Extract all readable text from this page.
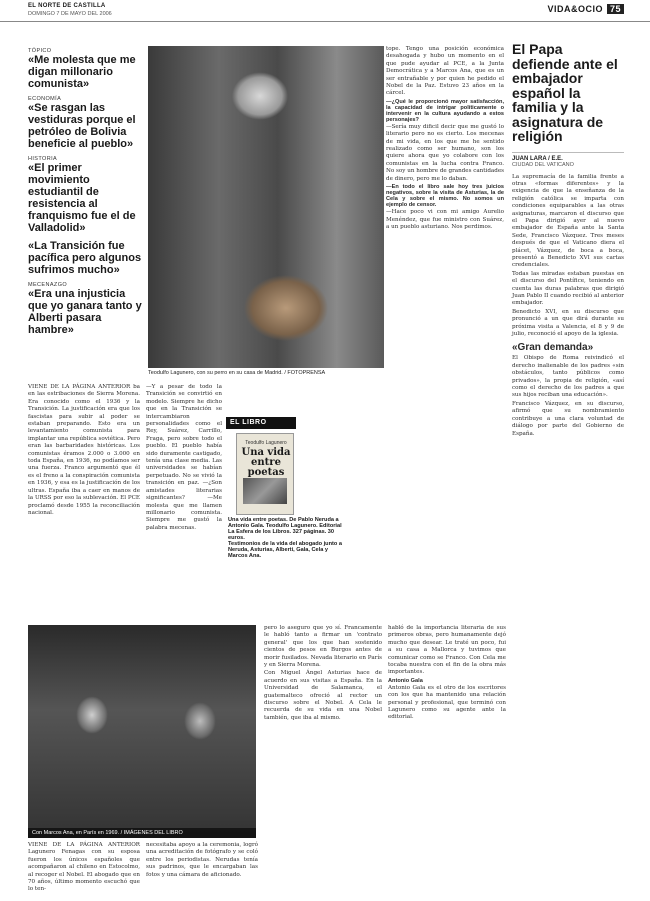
EL NORTE DE CASTILLA
DOMINGO 7 DE MAYO DEL 2006	VIDA&OCIO 75
TÓPICO
«Me molesta que me digan millonario comunista»
ECONOMÍA
«Se rasgan las vestiduras porque el petróleo de Bolivia beneficie al pueblo»
HISTORIA
«El primer movimiento estudiantil de resistencia al franquismo fue el de Valladolid»
«La Transición fue pacífica pero algunos sufrimos mucho»
MECENAZGO
«Era una injusticia que yo ganara tanto y Alberti pasara hambre»
Teodulfo Lagunero, con su perro en su casa de Madrid. / FOTOPRENSA

VIENE DE LA PÁGINA ANTERIOR ba en las estribaciones de Sierra Morena. Era conocido como el 1936 y la Transición. La justificación era que los fascistas para subir al poder se estaban preparando. Esto era un levantamiento comunista para implantar una república soviética. Pero eran las barbaridades históricas. Los comunistas éramos 2.000 o 3.000 en toda España, en 1936, no podíamos ser una fuerza. Franco argumentó que él es el freno a la conspiración comunista en 1936, y esa es la justificación de los ultras. España iba a caer en manos de la URSS por eso la sublevación. El PCE proclamó desde 1955 la reconciliación nacional.

—Y a pesar de todo la Transición se convirtió en modelo. Siempre he dicho que en la Transición se intercambiaron personalidades como el Rey, Suárez, Carrillo, Fraga, pero sobre todo el pueblo. El pueblo había sido duramente castigado, tenía una clase media. Las universidades se habían perpetuado. No se vivió la transición en paz. —¿Son amistades literarias significantes? —Me molesta que me llamen millonario comunista. Siempre me gustó la palabra mecenas.

EL LIBRO
Teodulfo Lagunero
Una vida entre poetas
Una vida entre poetas. De Pablo Neruda a Antonio Gala. Teodulfo Lagunero. Editorial La Esfera de los Libros. 327 páginas. 30 euros.
Testimonios de la vida del abogado junto a Neruda, Asturias, Alberti, Gala, Cela y Marcos Ana.

tope. Tengo una posición económica desahogada y hubo un momento en el que pude ayudar al PCE, a la Junta Democrática y a Marcos Ana, que es un ser entrañable y por quien he pedido el Nobel de la Paz. Estuvo 23 años en la cárcel.

—¿Qué le proporcionó mayor satisfacción, la capacidad de intrigar políticamente o intervenir en la cultura ayudando a estos personajes?

—Sería muy dificil decir que me gustó lo literario pero no es cierto. Los mecenas de mi vida, en los que me he sentido realizado como ser humano, son los quiere ahora que yo colabore con los comunistas en la lucha contra Franco. No soy un hombre de grandes cantidades de dinero, pero me lo daban.

—En todo el libro sale hoy tres juicios negativos, sobre la visita de Asturias, la de Cela y sobre el mismo. No somos un ejemplo de censor.

—Hace poco vi con mi amigo Aurelio Menéndez, que fue ministro con Suárez, a un pueblo asturiano. Nos perdimos.

Con Marcos Ana, en París en 1969. / IMÁGENES DEL LIBRO

VIENE DE LA PÁGINA ANTERIOR Lagunero Fenagas con su esposa fueron los únicos españoles que acompañaron al chileno en Estocolmo, al recoger el Nobel. El abogado que en 70 años, último momento escuchó que lo ten-

necesitaba apoyo a la ceremonia, logró una acreditación de fotógrafo y se coló entre los periodistas. Nerudas tenía sus padrinos, que le encargaban las fotos y una cámara de aficionado.

pero lo aseguro que yo sí. Francamente le habló tanto a firmar un 'contrato general' que los que han sostenido cientos de pesos en Burgos antes de morir fusilados. Nevada literario en París y en Sierra Morena.

Con Miguel Ángel Asturias hace de acuerdo en sus visitas a España. En la Universidad de Salamanca, el guatemalteco ofreció al rector un discurso sobre el Nobel. A Cela le recuerda de su vida en una Nobel también, que iba al mismo.

habló de la importancia literaria de sus primeros obras, pero humanamente dejó mucho que desear. Le traté un poco, fui a su casa a Mallorca y tuvimos que comunicar como se Franco. Con Cela me tocaba nuestra con el fin de la obra más importantes.

Antonio Gala

Antonio Gala es el otro de los escritores con los que ha mantenido una relación personal y profesional, que terminó con Lagunero como su agente ante la editorial.

El Papa defiende ante el embajador español la familia y la asignatura de religión
JUAN LARA / E.E.
CIUDAD DEL VATICANO

La supremacía de la familia frente a otras «formas diferentes» y la exigencia de que la enseñanza de la religión católica se imparta con condiciones equiparables a las otras asignaturas, marcaron el discurso que el Papa dirigió ayer al nuevo embajador de España ante la Santa Sede, Francisco Vázquez. Tres meses después de que el Vaticano diera el plácet, Vázquez, de boca a boca, presentó a Benedicto XVI sus cartas credenciales.

Todas las miradas estaban puestas en el discurso del Pontífice, teniendo en cuenta las duras palabras que dirigió Juan Pablo II cuando recibió al anterior embajador.

Benedicto XVI, en su discurso que pronunció a un que dirá durante su próxima visita a Valencia, el 8 y 9 de julio, reconoció el apoyo de la iglesia.

«Gran demanda»

El Obispo de Roma reivindicó el derecho inalienable de los padres «sin obstáculos, tanto públicos como privados», la propia de religión, «así como el derecho de los padres a que sus hijos reciban una educación».

Francisco Vázquez, en su discurso, afirmó que su nombramiento contribuye a una clara voluntad de diálogo por parte del Gobierno de España.
